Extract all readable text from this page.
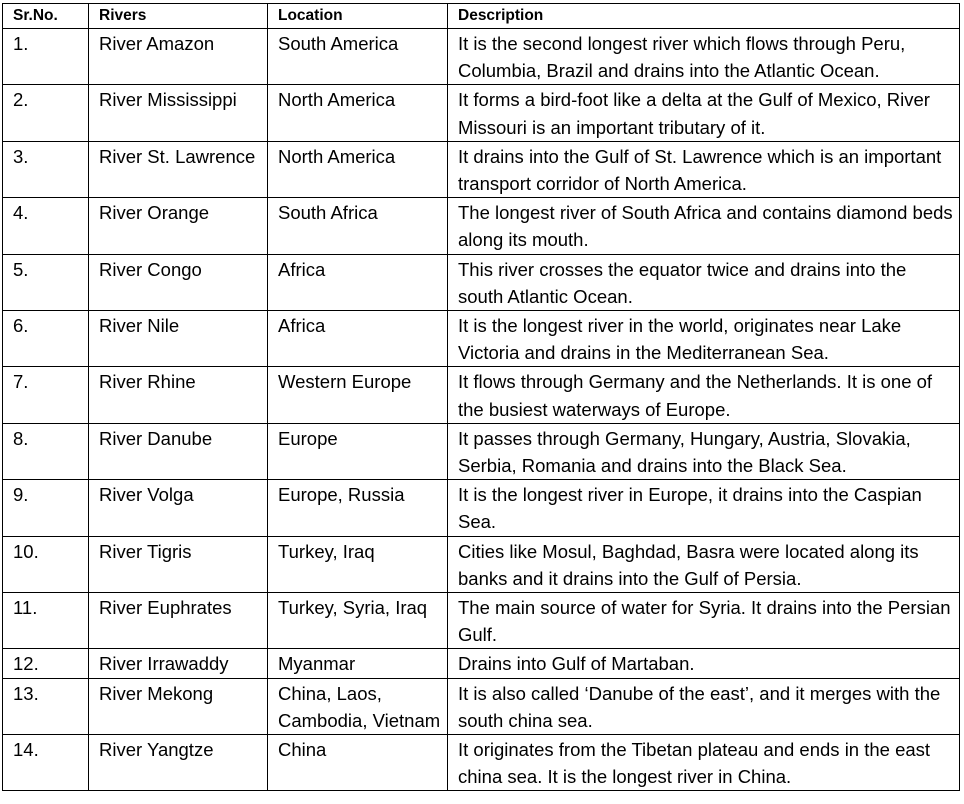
Sr.No.	Rivers	Location	Description
1.	River Amazon	South America	It is the second longest river which flows through Peru, Columbia, Brazil and drains into the Atlantic Ocean.
2.	River Mississippi	North America	It forms a bird-foot like a delta at the Gulf of Mexico, River Missouri is an important tributary of it.
3.	River St. Lawrence	North America	It drains into the Gulf of St. Lawrence which is an important transport corridor of North America.
4.	River Orange	South Africa	The longest river of South Africa and contains diamond beds along its mouth.
5.	River Congo	Africa	This river crosses the equator twice and drains into the south Atlantic Ocean.
6.	River Nile	Africa	It is the longest river in the world, originates near Lake Victoria and drains in the Mediterranean Sea.
7.	River Rhine	Western Europe	It flows through Germany and the Netherlands. It is one of the busiest waterways of Europe.
8.	River Danube	Europe	It passes through Germany, Hungary, Austria, Slovakia, Serbia, Romania and drains into the Black Sea.
9.	River Volga	Europe, Russia	It is the longest river in Europe, it drains into the Caspian Sea.
10.	River Tigris	Turkey, Iraq	Cities like Mosul, Baghdad, Basra were located along its banks and it drains into the Gulf of Persia.
11.	River Euphrates	Turkey, Syria, Iraq	The main source of water for Syria. It drains into the Persian Gulf.
12.	River Irrawaddy	Myanmar	Drains into Gulf of Martaban.
13.	River Mekong	China, Laos, Cambodia, Vietnam	It is also called ‘Danube of the east’, and it merges with the south china sea.
14.	River Yangtze	China	It originates from the Tibetan plateau and ends in the east china sea. It is the longest river in China.
